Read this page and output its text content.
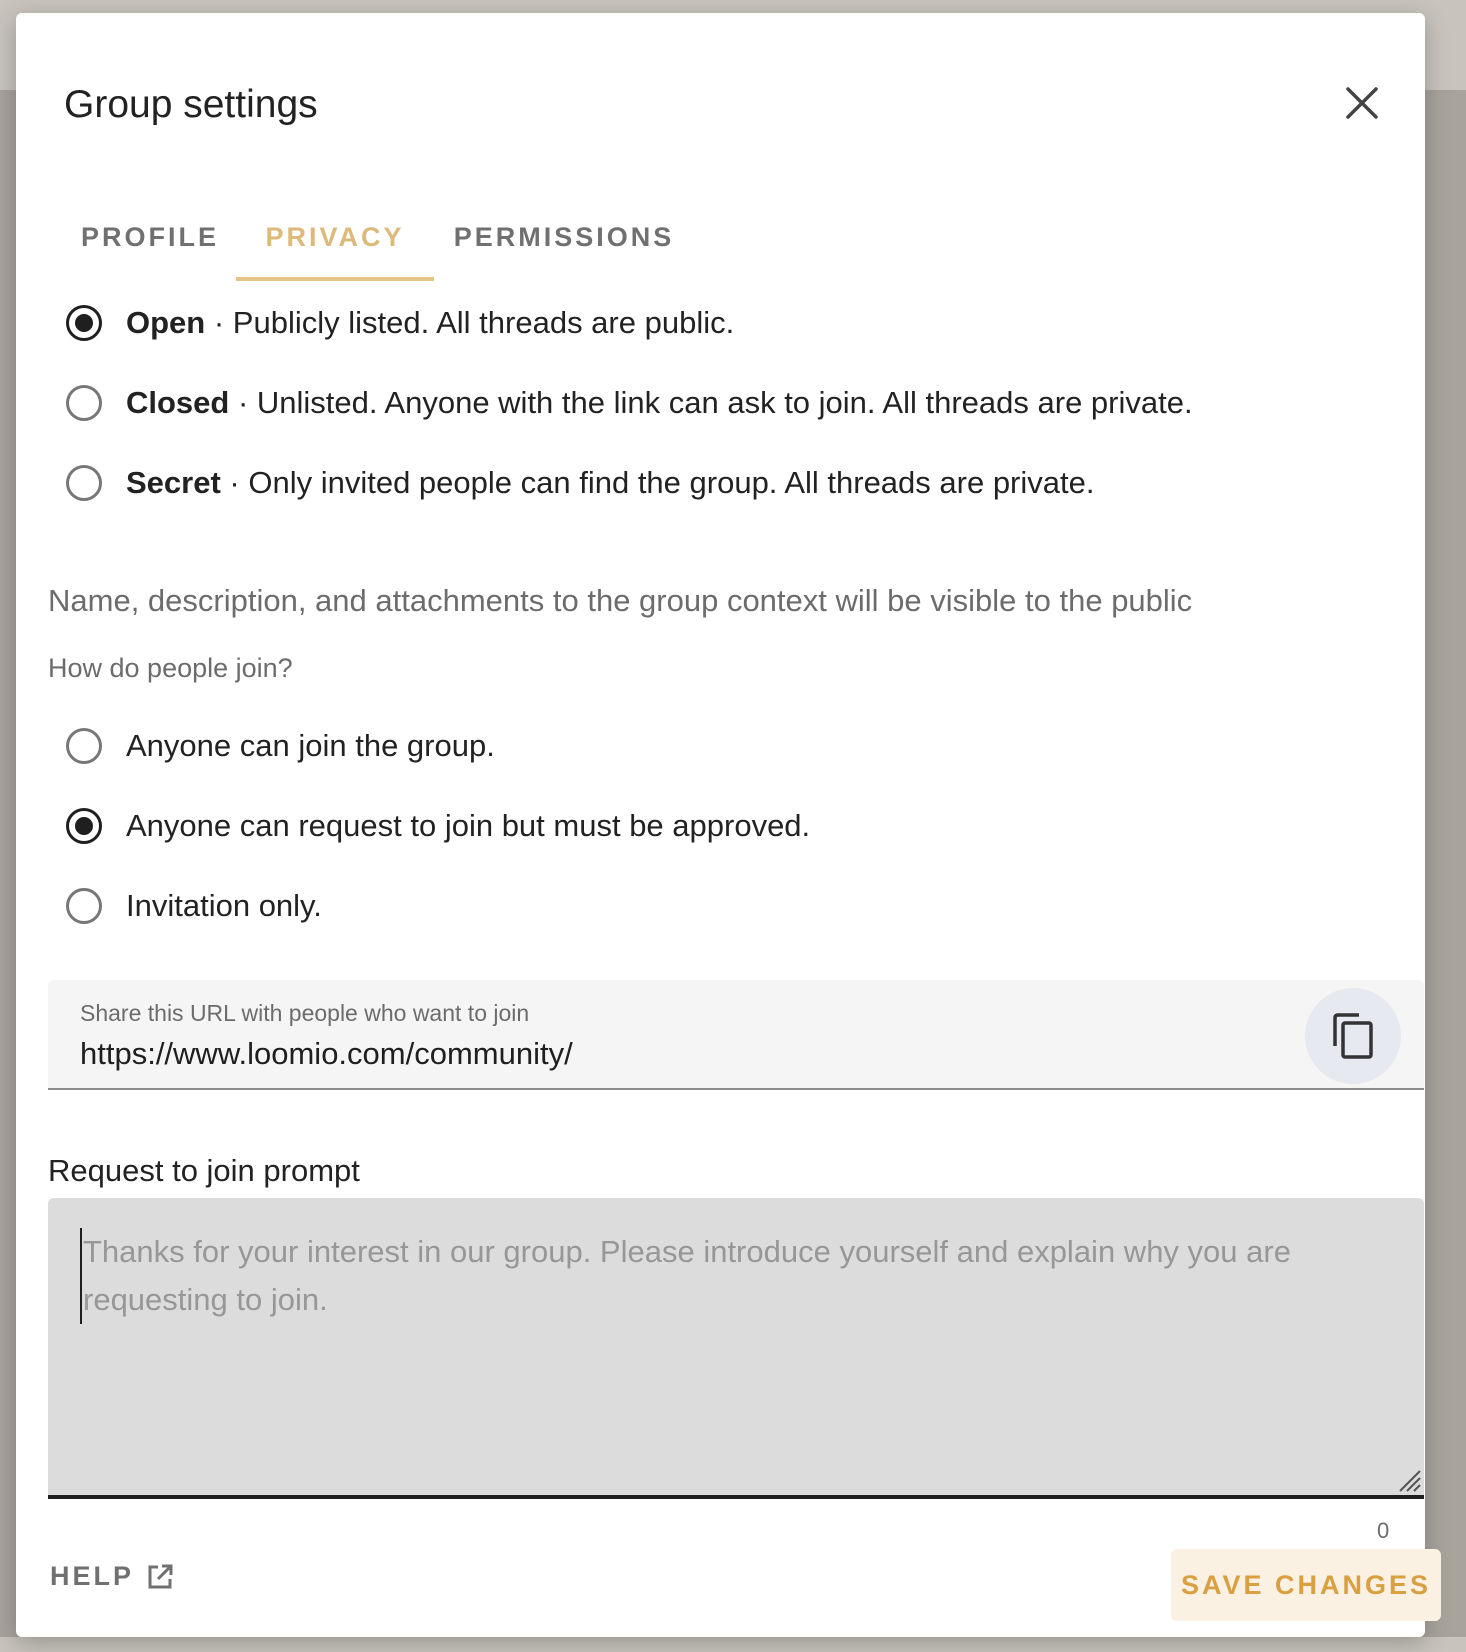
Group settings
PROFILE	PRIVACY	PERMISSIONS
Open · Publicly listed. All threads are public.
Closed · Unlisted. Anyone with the link can ask to join. All threads are private.
Secret · Only invited people can find the group. All threads are private.
Name, description, and attachments to the group context will be visible to the public
How do people join?
Anyone can join the group.
Anyone can request to join but must be approved.
Invitation only.
Share this URL with people who want to join
https://www.loomio.com/community/
Request to join prompt
Thanks for your interest in our group. Please introduce yourself and explain why you are requesting to join.
0
HELP	SAVE CHANGES
